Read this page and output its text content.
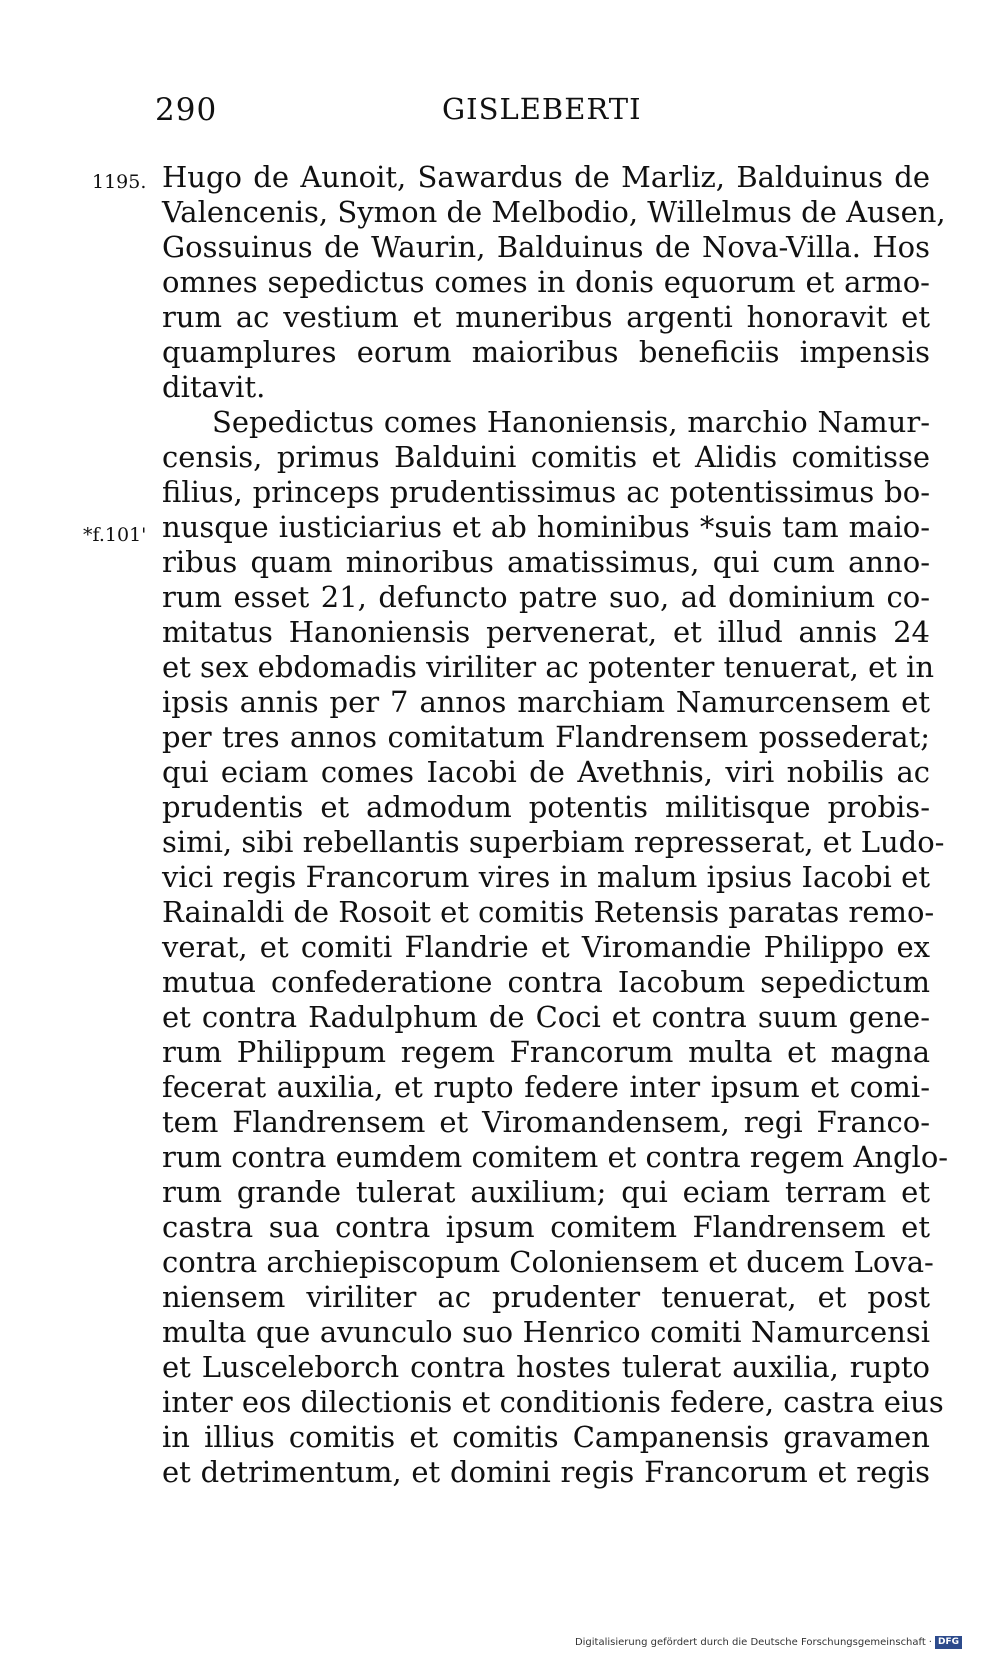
290	GISLEBERTI
1195.
*f.101'
Hugo de Aunoit, Sawardus de Marliz, Balduinus de
Valencenis, Symon de Melbodio, Willelmus de Ausen,
Gossuinus de Waurin, Balduinus de Nova-Villa. Hos
omnes sepedictus comes in donis equorum et armo-
rum ac vestium et muneribus argenti honoravit et
quamplures eorum maioribus beneficiis impensis
ditavit.
Sepedictus comes Hanoniensis, marchio Namur-
censis, primus Balduini comitis et Alidis comitisse
filius, princeps prudentissimus ac potentissimus bo-
nusque iusticiarius et ab hominibus *suis tam maio-
ribus quam minoribus amatissimus, qui cum anno-
rum esset 21, defuncto patre suo, ad dominium co-
mitatus Hanoniensis pervenerat, et illud annis 24
et sex ebdomadis viriliter ac potenter tenuerat, et in
ipsis annis per 7 annos marchiam Namurcensem et
per tres annos comitatum Flandrensem possederat;
qui eciam comes Iacobi de Avethnis, viri nobilis ac
prudentis et admodum potentis militisque probis-
simi, sibi rebellantis superbiam represserat, et Ludo-
vici regis Francorum vires in malum ipsius Iacobi et
Rainaldi de Rosoit et comitis Retensis paratas remo-
verat, et comiti Flandrie et Viromandie Philippo ex
mutua confederatione contra Iacobum sepedictum
et contra Radulphum de Coci et contra suum gene-
rum Philippum regem Francorum multa et magna
fecerat auxilia, et rupto federe inter ipsum et comi-
tem Flandrensem et Viromandensem, regi Franco-
rum contra eumdem comitem et contra regem Anglo-
rum grande tulerat auxilium; qui eciam terram et
castra sua contra ipsum comitem Flandrensem et
contra archiepiscopum Coloniensem et ducem Lova-
niensem viriliter ac prudenter tenuerat, et post
multa que avunculo suo Henrico comiti Namurcensi
et Lusceleborch contra hostes tulerat auxilia, rupto
inter eos dilectionis et conditionis federe, castra eius
in illius comitis et comitis Campanensis gravamen
et detrimentum, et domini regis Francorum et regis
Digitalisierung gefördert durch die Deutsche Forschungsgemeinschaft · DFG
